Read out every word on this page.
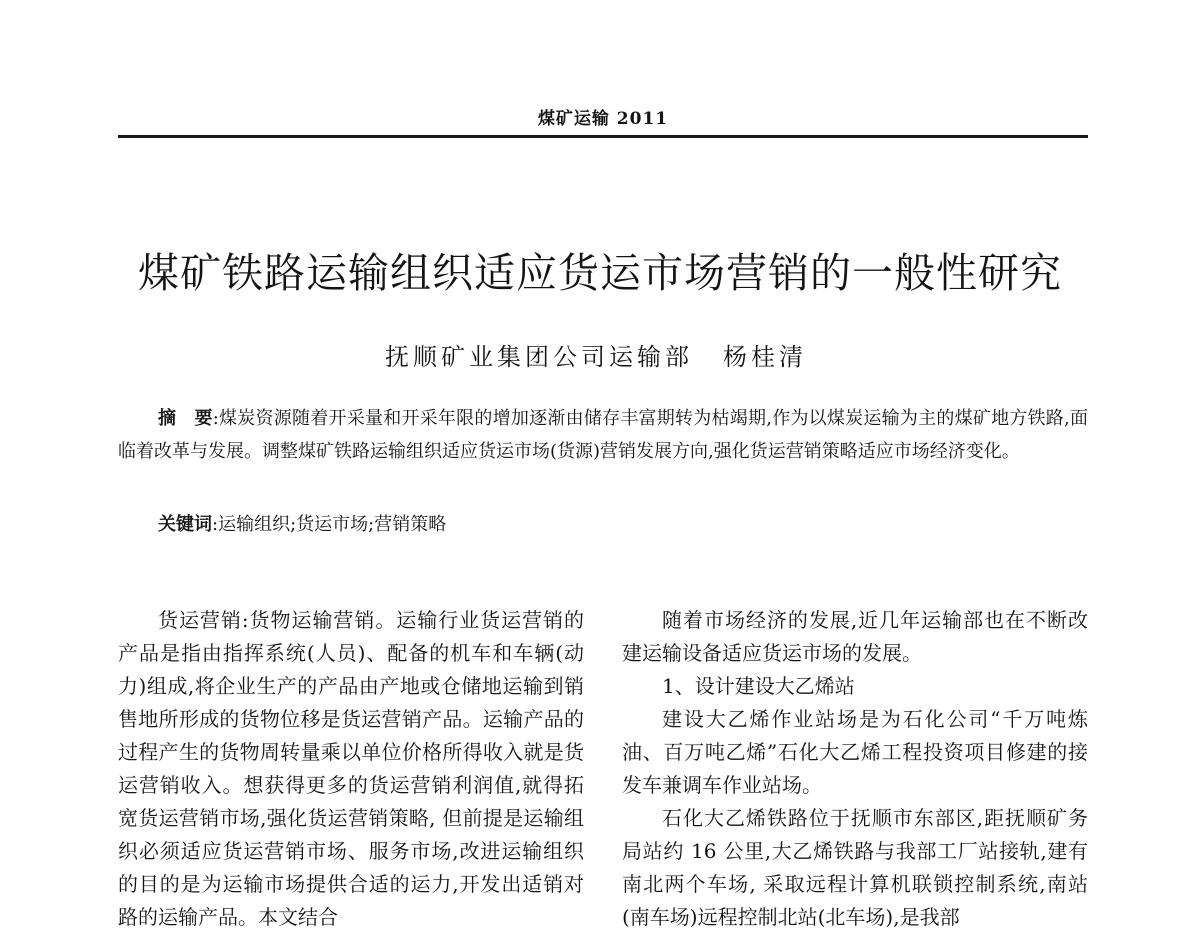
煤矿运输 2011
煤矿铁路运输组织适应货运市场营销的一般性研究
抚顺矿业集团公司运输部 杨桂清
摘　要:煤炭资源随着开采量和开采年限的增加逐渐由储存丰富期转为枯竭期,作为以煤炭运输为主的煤矿地方铁路,面临着改革与发展。调整煤矿铁路运输组织适应货运市场(货源)营销发展方向,强化货运营销策略适应市场经济变化。
关键词:运输组织;货运市场;营销策略

货运营销:货物运输营销。运输行业货运营销的产品是指由指挥系统(人员)、配备的机车和车辆(动力)组成,将企业生产的产品由产地或仓储地运输到销售地所形成的货物位移是货运营销产品。运输产品的过程产生的货物周转量乘以单位价格所得收入就是货运营销收入。想获得更多的货运营销利润值,就得拓宽货运营销市场,强化货运营销策略, 但前提是运输组织必须适应货运营销市场、服务市场,改进运输组织的目的是为运输市场提供合适的运力,开发出适销对路的运输产品。本文结合

随着市场经济的发展,近几年运输部也在不断改建运输设备适应货运市场的发展。

1、设计建设大乙烯站

建设大乙烯作业站场是为石化公司“千万吨炼油、百万吨乙烯”石化大乙烯工程投资项目修建的接发车兼调车作业站场。

石化大乙烯铁路位于抚顺市东部区,距抚顺矿务局站约 16 公里,大乙烯铁路与我部工厂站接轨,建有南北两个车场, 采取远程计算机联锁控制系统,南站(南车场)远程控制北站(北车场),是我部
